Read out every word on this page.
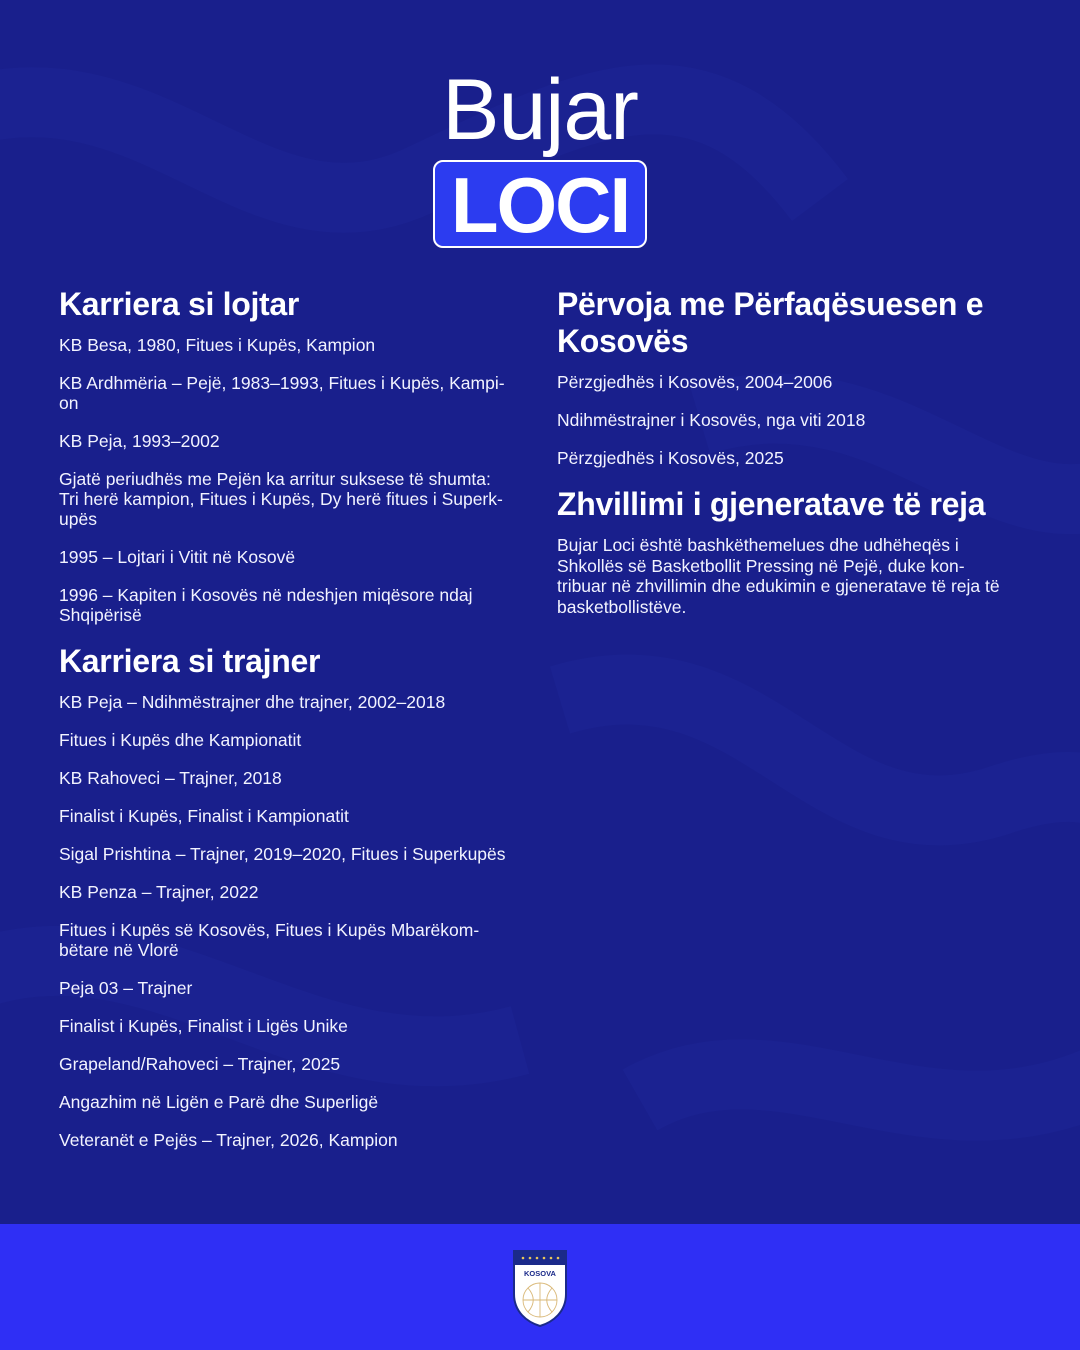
Bujar
LOCI
Karriera si lojtar

KB Besa, 1980, Fitues i Kupës, Kampion

KB Ardhmëria – Pejë, 1983–1993, Fitues i Kupës, Kampi-
on

KB Peja, 1993–2002

Gjatë periudhës me Pejën ka arritur suksese të shumta:
Tri herë kampion, Fitues i Kupës, Dy herë fitues i Superk-
upës

1995 – Lojtari i Vitit në Kosovë

1996 – Kapiten i Kosovës në ndeshjen miqësore ndaj
Shqipërisë

Karriera si trajner

KB Peja – Ndihmëstrajner dhe trajner, 2002–2018

Fitues i Kupës dhe Kampionatit

KB Rahoveci – Trajner, 2018

Finalist i Kupës, Finalist i Kampionatit

Sigal Prishtina – Trajner, 2019–2020, Fitues i Superkupës

KB Penza – Trajner, 2022

Fitues i Kupës së Kosovës, Fitues i Kupës Mbarëkom-
bëtare në Vlorë

Peja 03 – Trajner

Finalist i Kupës, Finalist i Ligës Unike

Grapeland/Rahoveci – Trajner, 2025

Angazhim në Ligën e Parë dhe Superligë

Veteranët e Pejës – Trajner, 2026, Kampion

Përvoja me Përfaqësuesen e
Kosovës

Përzgjedhës i Kosovës, 2004–2006

Ndihmëstrajner i Kosovës, nga viti 2018

Përzgjedhës i Kosovës, 2025

Zhvillimi i gjeneratave të reja

Bujar Loci është bashkëthemelues dhe udhëheqës i
Shkollës së Basketbollit Pressing në Pejë, duke kon-
tribuar në zhvillimin dhe edukimin e gjeneratave të reja të
basketbollistëve.

KOSOVA
